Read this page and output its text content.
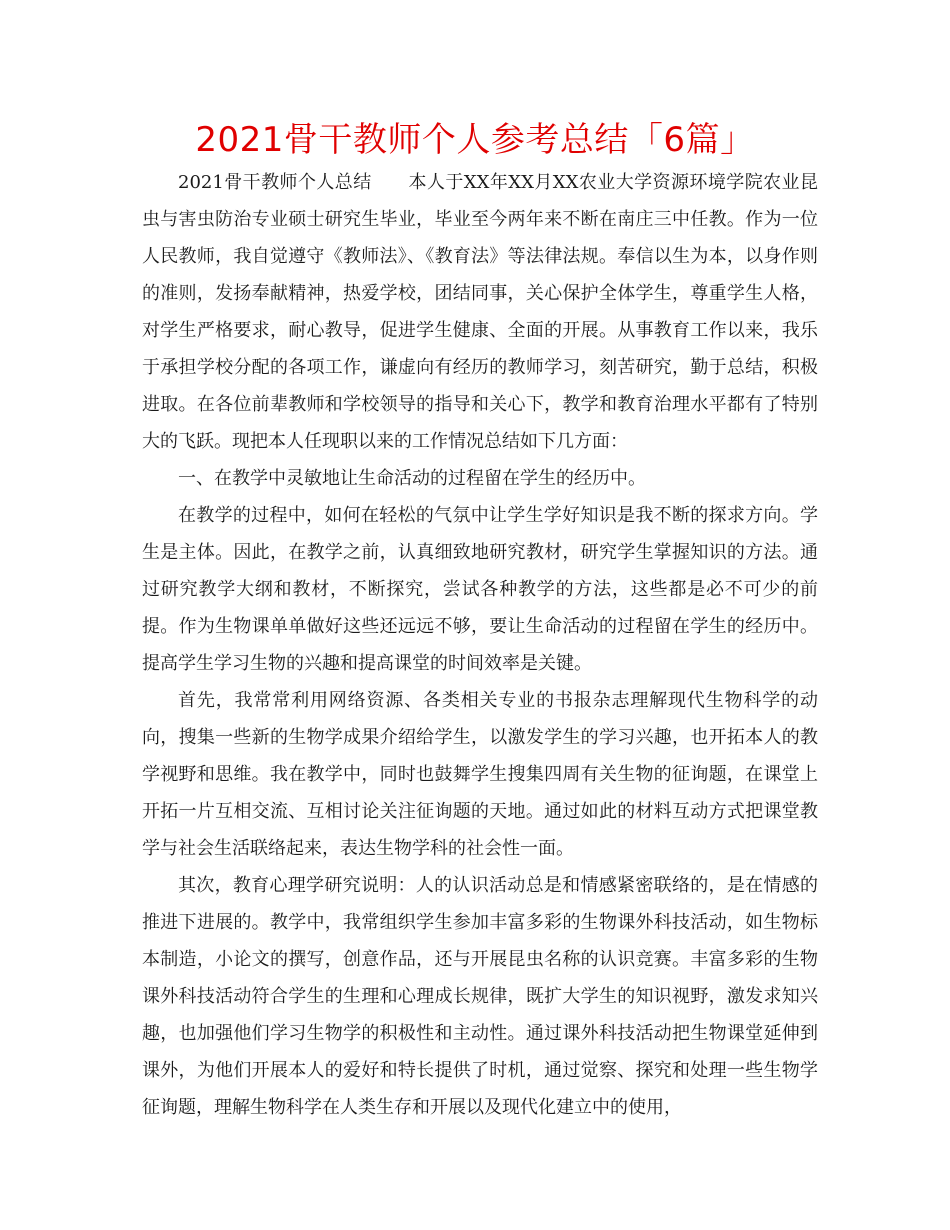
2021骨干教师个人参考总结「6篇」

2021骨干教师个人总结　　本人于XX年XX月XX农业大学资源环境学院农业昆虫与害虫防治专业硕士研究生毕业，毕业至今两年来不断在南庄三中任教。作为一位人民教师，我自觉遵守《教师法》、《教育法》等法律法规。奉信以生为本，以身作则的准则，发扬奉献精神，热爱学校，团结同事，关心保护全体学生，尊重学生人格，对学生严格要求，耐心教导，促进学生健康、全面的开展。从事教育工作以来，我乐于承担学校分配的各项工作，谦虚向有经历的教师学习，刻苦研究，勤于总结，积极进取。在各位前辈教师和学校领导的指导和关心下，教学和教育治理水平都有了特别大的飞跃。现把本人任现职以来的工作情况总结如下几方面：

一、在教学中灵敏地让生命活动的过程留在学生的经历中。

在教学的过程中，如何在轻松的气氛中让学生学好知识是我不断的探求方向。学生是主体。因此，在教学之前，认真细致地研究教材，研究学生掌握知识的方法。通过研究教学大纲和教材，不断探究，尝试各种教学的方法，这些都是必不可少的前提。作为生物课单单做好这些还远远不够，要让生命活动的过程留在学生的经历中。提高学生学习生物的兴趣和提高课堂的时间效率是关键。

首先，我常常利用网络资源、各类相关专业的书报杂志理解现代生物科学的动向，搜集一些新的生物学成果介绍给学生，以激发学生的学习兴趣，也开拓本人的教学视野和思维。我在教学中，同时也鼓舞学生搜集四周有关生物的征询题，在课堂上开拓一片互相交流、互相讨论关注征询题的天地。通过如此的材料互动方式把课堂教学与社会生活联络起来，表达生物学科的社会性一面。

其次，教育心理学研究说明：人的认识活动总是和情感紧密联络的，是在情感的推进下进展的。教学中，我常组织学生参加丰富多彩的生物课外科技活动，如生物标本制造，小论文的撰写，创意作品，还与开展昆虫名称的认识竞赛。丰富多彩的生物课外科技活动符合学生的生理和心理成长规律，既扩大学生的知识视野，激发求知兴趣，也加强他们学习生物学的积极性和主动性。通过课外科技活动把生物课堂延伸到课外，为他们开展本人的爱好和特长提供了时机，通过觉察、探究和处理一些生物学征询题，理解生物科学在人类生存和开展以及现代化建立中的使用，
